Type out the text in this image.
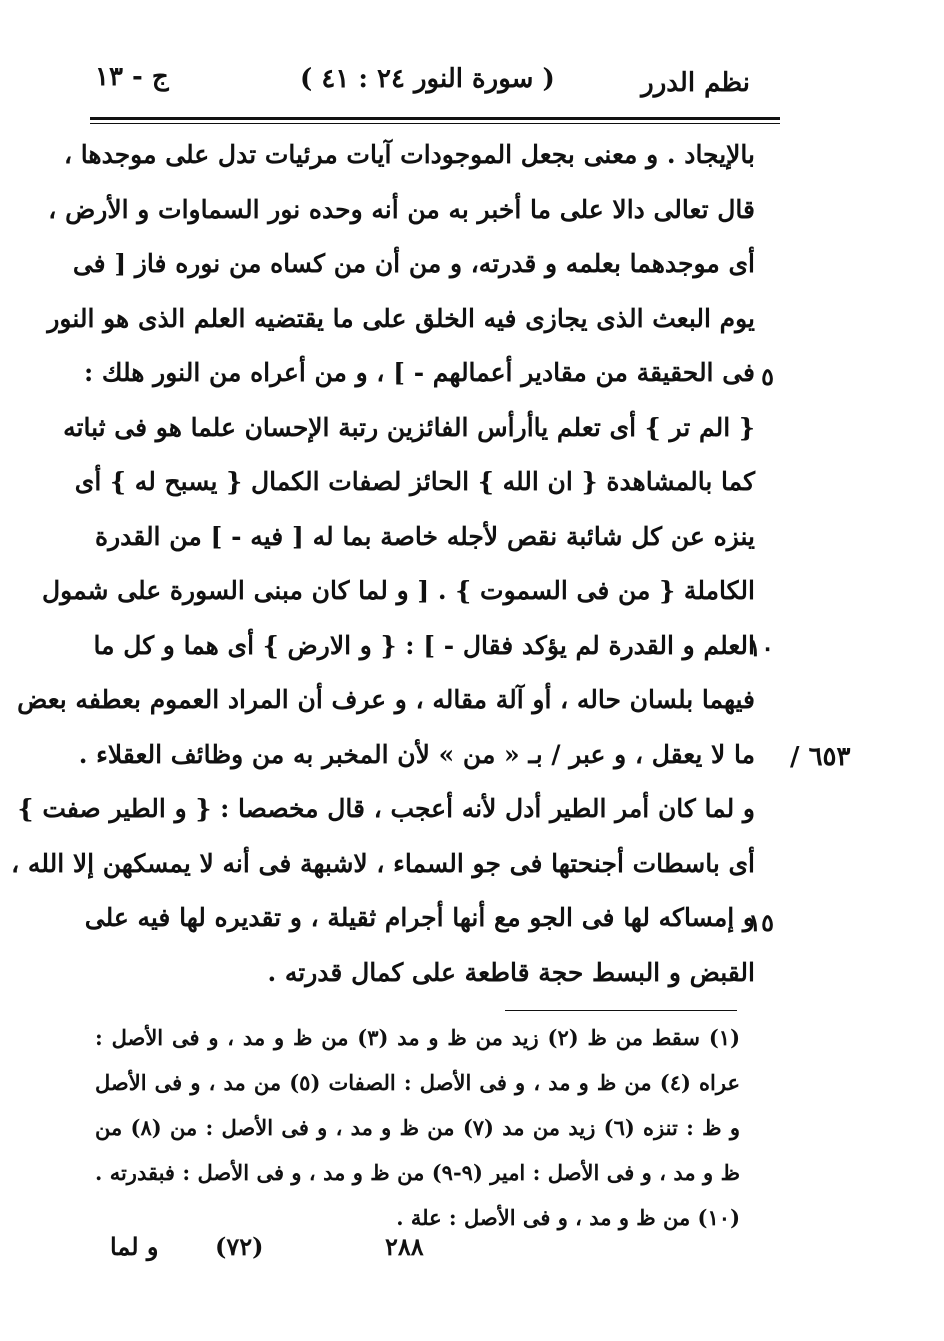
نظم الدرر
( سورة النور ٢٤ : ٤١ )
ج - ١٣
بالإيجاد . و معنى بجعل الموجودات آيات مرئيات تدل على موجدها ،
قال تعالى دالا على ما أخبر به من أنه وحده نور السماوات و الأرض ،
أى موجدهما بعلمه و قدرته، و من أن من كساه من نوره فاز [ فى
يوم البعث الذى يجازى فيه الخلق على ما يقتضيه العلم الذى هو النور
فى الحقيقة من مقادير أعمالهم - ] ، و من أعراه من النور هلك :
{ الم تر } أى تعلم ياأرأس الفائزين رتبة الإحسان علما هو فى ثباته
كما بالمشاهدة { ان الله } الحائز لصفات الكمال { يسبح له } أى
ينزه عن كل شائبة نقص لأجله خاصة بما له [ فيه - ] من القدرة
الكاملة { من فى السموت } . [ و لما كان مبنى السورة على شمول
العلم و القدرة لم يؤكد فقال - ] : { و الارض } أى هما و كل ما
فيهما بلسان حاله ، أو آلة مقاله ، و عرف أن المراد العموم بعطفه بعض
ما لا يعقل ، و عبر / بـ « من » لأن المخبر به من وظائف العقلاء .
و لما كان أمر الطير أدل لأنه أعجب ، قال مخصصا : { و الطير صفت }
أى باسطات أجنحتها فى جو السماء ، لاشبهة فى أنه لا يمسكهن إلا الله ،
و إمساكه لها فى الجو مع أنها أجرام ثقيلة ، و تقديره لها فيه على
القبض و البسط حجة قاطعة على كمال قدرته .
٥
١٠
١٥
٦٥٣ /
(١) سقط من ظ (٢) زيد من ظ و مد (٣) من ظ و مد ، و فى الأصل :
عراه (٤) من ظ و مد ، و فى الأصل : الصفات (٥) من مد ، و فى الأصل
و ظ : تنزه (٦) زيد من مد (٧) من ظ و مد ، و فى الأصل : من (٨) من
ظ و مد ، و فى الأصل : امير (٩-٩) من ظ و مد ، و فى الأصل : فبقدرته .
(١٠) من ظ و مد ، و فى الأصل : علة .
و لما (٧٢)	٢٨٨
